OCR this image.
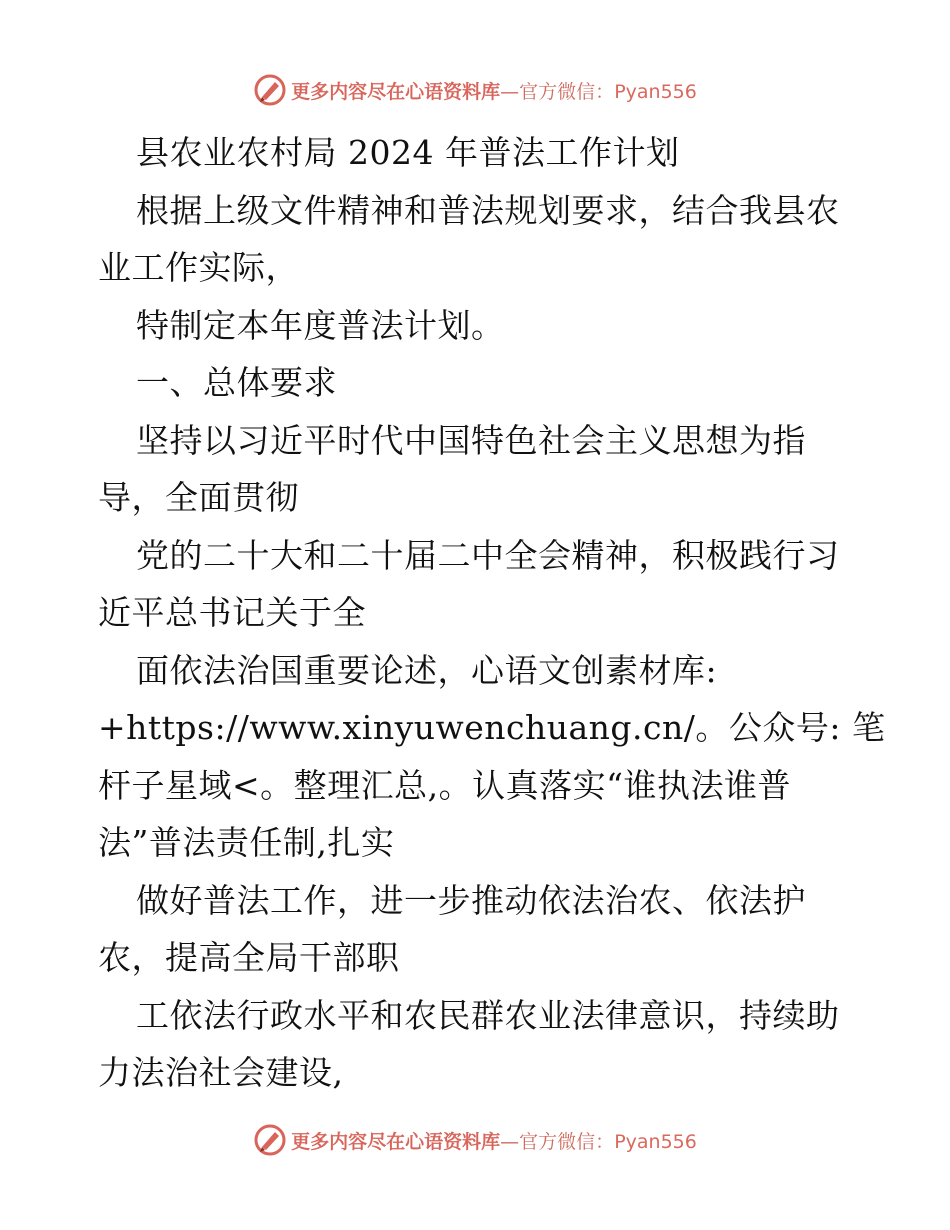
更多内容尽在心语资料库—官方微信：Pyan556
县农业农村局 2024 年普法工作计划
根据上级文件精神和普法规划要求，结合我县农
业工作实际，
特制定本年度普法计划。
一、总体要求
坚持以习近平时代中国特色社会主义思想为指
导，全面贯彻
党的二十大和二十届二中全会精神，积极践行习
近平总书记关于全
面依法治国重要论述，心语文创素材库:
+https://www.xinyuwenchuang.cn/。公众号: 笔
杆子星域<。整理汇总,。认真落实“谁执法谁普
法”普法责任制,扎实
做好普法工作，进一步推动依法治农、依法护
农，提高全局干部职
工依法行政水平和农民群农业法律意识，持续助
力法治社会建设,
更多内容尽在心语资料库—官方微信：Pyan556
